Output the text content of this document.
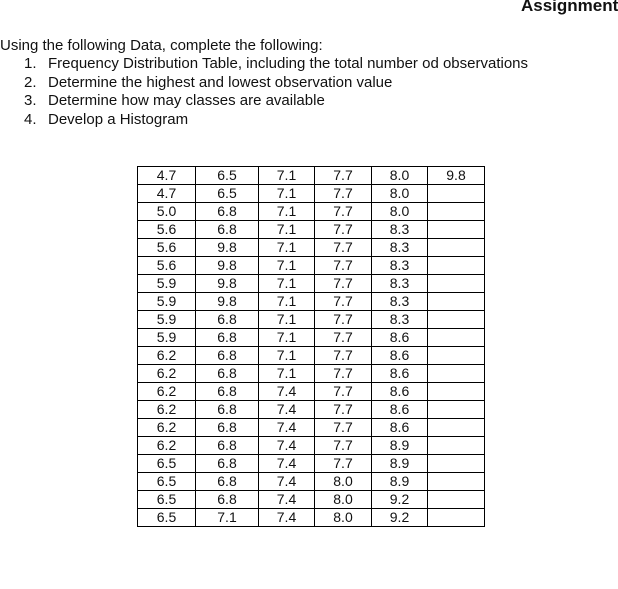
Assignment

Using the following Data, complete the following:

1. Frequency Distribution Table, including the total number od observations
2. Determine the highest and lowest observation value
3. Determine how may classes are available
4. Develop a Histogram
4.7	6.5	7.1	7.7	8.0	9.8
4.7	6.5	7.1	7.7	8.0	
5.0	6.8	7.1	7.7	8.0	
5.6	6.8	7.1	7.7	8.3	
5.6	9.8	7.1	7.7	8.3	
5.6	9.8	7.1	7.7	8.3	
5.9	9.8	7.1	7.7	8.3	
5.9	9.8	7.1	7.7	8.3	
5.9	6.8	7.1	7.7	8.3	
5.9	6.8	7.1	7.7	8.6	
6.2	6.8	7.1	7.7	8.6	
6.2	6.8	7.1	7.7	8.6	
6.2	6.8	7.4	7.7	8.6	
6.2	6.8	7.4	7.7	8.6	
6.2	6.8	7.4	7.7	8.6	
6.2	6.8	7.4	7.7	8.9	
6.5	6.8	7.4	7.7	8.9	
6.5	6.8	7.4	8.0	8.9	
6.5	6.8	7.4	8.0	9.2	
6.5	7.1	7.4	8.0	9.2	
